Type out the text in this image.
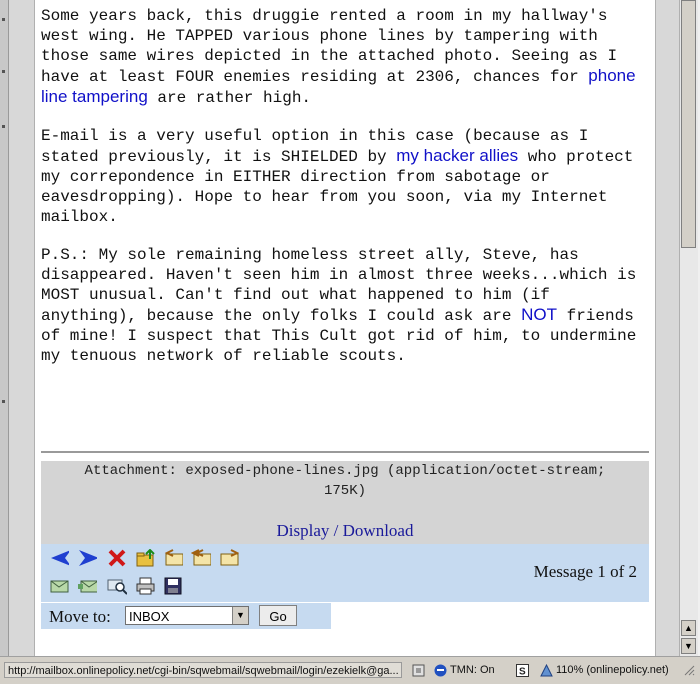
Some years back, this druggie rented a room in my hallway's west wing. He TAPPED various phone lines by tampering with those same wires depicted in the attached photo. Seeing as I have at least FOUR enemies residing at 2306, chances for phone line tampering are rather high.

E-mail is a very useful option in this case (because as I stated previously, it is SHIELDED by my hacker allies who protect my correpondence in EITHER direction from sabotage or eavesdropping). Hope to hear from you soon, via my Internet mailbox.

P.S.: My sole remaining homeless street ally, Steve, has disappeared. Haven't seen him in almost three weeks...which is MOST unusual. Can't find out what happened to him (if anything), because the only folks I could ask are NOT friends of mine! I suspect that This Cult got rid of him, to undermine my tenuous network of reliable scouts.

Attachment: exposed-phone-lines.jpg (application/octet-stream;
175K)
Display / Download
Message 1 of 2
Move to:	INBOX	▼	Go
▲
▼
http://mailbox.onlinepolicy.net/cgi-bin/sqwebmail/sqwebmail/login/ezekielk@ga...	TMN: On S	110% (onlinepolicy.net)
